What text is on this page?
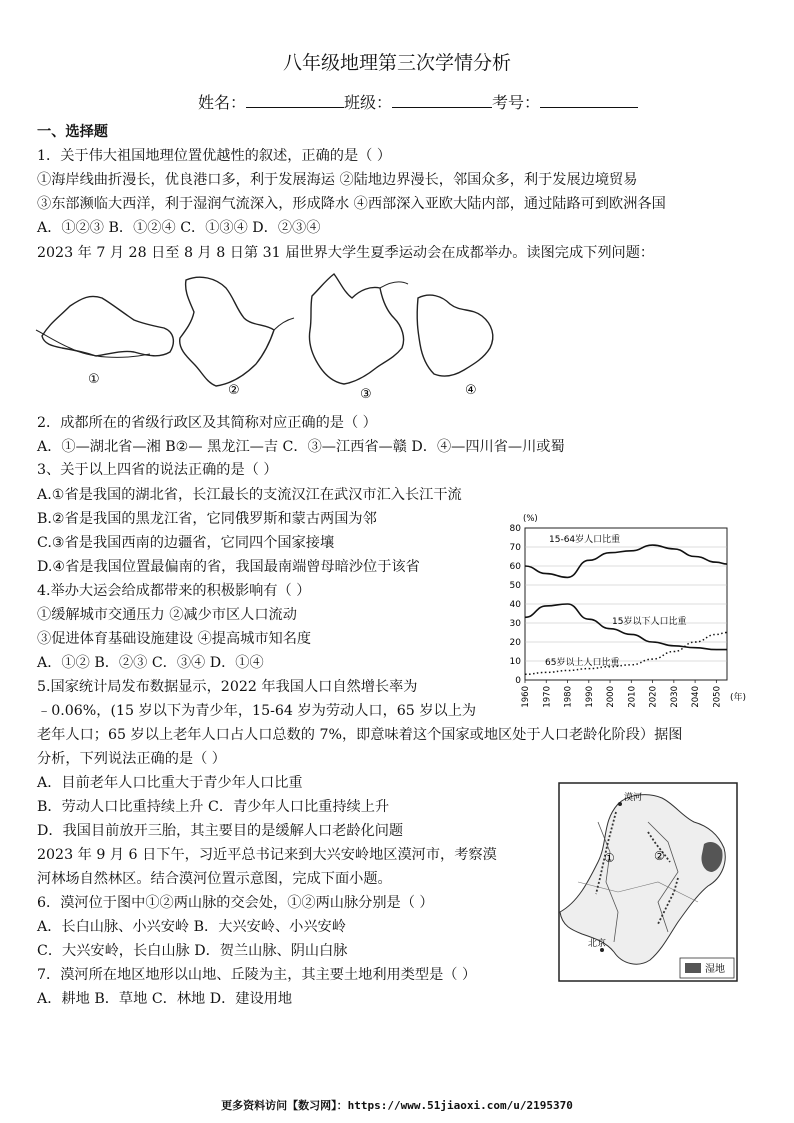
八年级地理第三次学情分析
姓名：	班级：	考号：
一、选择题
1．关于伟大祖国地理位置优越性的叙述，正确的是（ ）
①海岸线曲折漫长，优良港口多，利于发展海运 ②陆地边界漫长，邻国众多，利于发展边境贸易
③东部濒临大西洋，利于湿润气流深入，形成降水 ④西部深入亚欧大陆内部，通过陆路可到欧洲各国
A．①②③ B．①②④ C．①③④ D．②③④
2023 年 7 月 28 日至 8 月 8 日第 31 届世界大学生夏季运动会在成都举办。读图完成下列问题：
①
②	③	④
2．成都所在的省级行政区及其简称对应正确的是（ ）
A．①—湖北省—湘 B②— 黑龙江—吉 C．③—江西省—赣 D．④—四川省—川或蜀
3、关于以上四省的说法正确的是（ ）
A.①省是我国的湖北省，长江最长的支流汉江在武汉市汇入长江干流
B.②省是我国的黑龙江省，它同俄罗斯和蒙古两国为邻
C.③省是我国西南的边疆省，它同四个国家接壤
D.④省是我国位置最偏南的省，我国最南端曾母暗沙位于该省
4.举办大运会给成都带来的积极影响有（ ）
①缓解城市交通压力 ②减少市区人口流动
③促进体育基础设施建设 ④提高城市知名度
A．①② B．②③ C．③④ D．①④
5.国家统计局发布数据显示，2022 年我国人口自然增长率为
﹣0.06%，(15 岁以下为青少年，15-64 岁为劳动人口，65 岁以上为
老年人口；65 岁以上老年人口占人口总数的 7%，即意味着这个国家或地区处于人口老龄化阶段）据图
分析，下列说法正确的是（ ）
A．目前老年人口比重大于青少年人口比重
B．劳动人口比重持续上升 C．青少年人口比重持续上升
D．我国目前放开三胎，其主要目的是缓解人口老龄化问题
2023 年 9 月 6 日下午，习近平总书记来到大兴安岭地区漠河市，考察漠
河林场自然林区。结合漠河位置示意图，完成下面小题。
6．漠河位于图中①②两山脉的交会处，①②两山脉分别是（ ）
A．长白山脉、小兴安岭 B．大兴安岭、小兴安岭
C．大兴安岭，长白山脉 D．贺兰山脉、阴山白脉
7．漠河所在地区地形以山地、丘陵为主，其主要土地利用类型是（ ）
A．耕地 B．草地 C．林地 D．建设用地
0
10
20
30
40
50
60
70
80
1960 1970 1980 1990 2000 2010 2020 2030 2040 2050
(%)
(年)
15-64岁人口比重
15岁以下人口比重
65岁以上人口比重
漠河
①	②
北京
湿地
更多资料访问【数习网】：https://www.51jiaoxi.com/u/2195370
